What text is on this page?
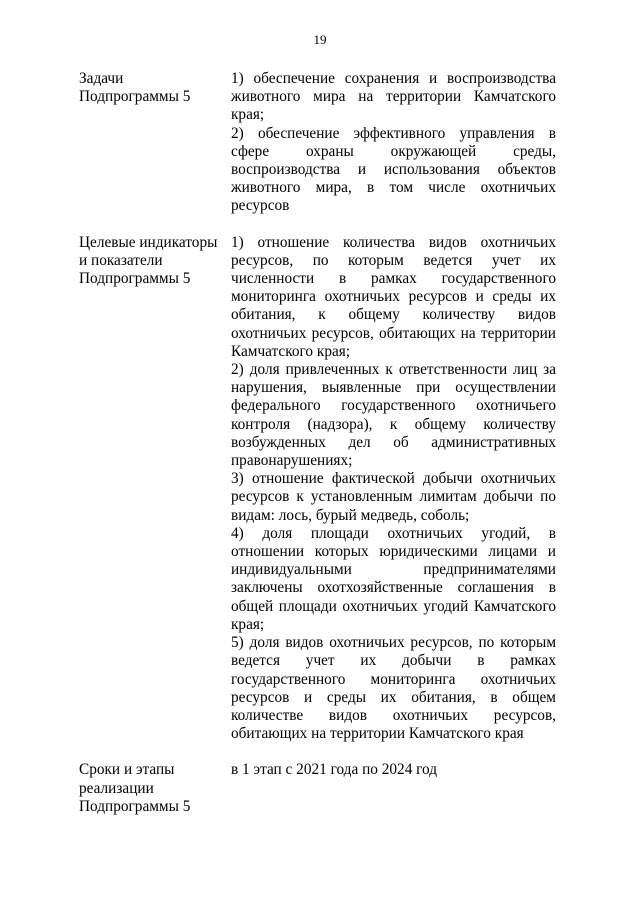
19
Задачи
Подпрограммы 5

1) обеспечение сохранения и воспроизводства животного мира на территории Камчатского края;

2) обеспечение эффективного управления в сфере охраны окружающей среды, воспроизводства и использования объектов животного мира, в том числе охотничьих ресурсов

Целевые индикаторы
и показатели
Подпрограммы 5

1) отношение количества видов охотничьих ресурсов, по которым ведется учет их численности в рамках государственного мониторинга охотничьих ресурсов и среды их обитания, к общему количеству видов охотничьих ресурсов, обитающих на территории Камчатского края;

2) доля привлеченных к ответственности лиц за нарушения, выявленные при осуществлении федерального государственного охотничьего контроля (надзора), к общему количеству возбужденных дел об административных правонарушениях;

3) отношение фактической добычи охотничьих ресурсов к установленным лимитам добычи по видам: лось, бурый медведь, соболь;

4) доля площади охотничьих угодий, в отношении которых юридическими лицами и индивидуальными предпринимателями заключены охотхозяйственные соглашения в общей площади охотничьих угодий Камчатского края;

5) доля видов охотничьих ресурсов, по которым ведется учет их добычи в рамках государственного мониторинга охотничьих ресурсов и среды их обитания, в общем количестве видов охотничьих ресурсов, обитающих на территории Камчатского края

Сроки и этапы
реализации
Подпрограммы 5

в 1 этап с 2021 года по 2024 год
